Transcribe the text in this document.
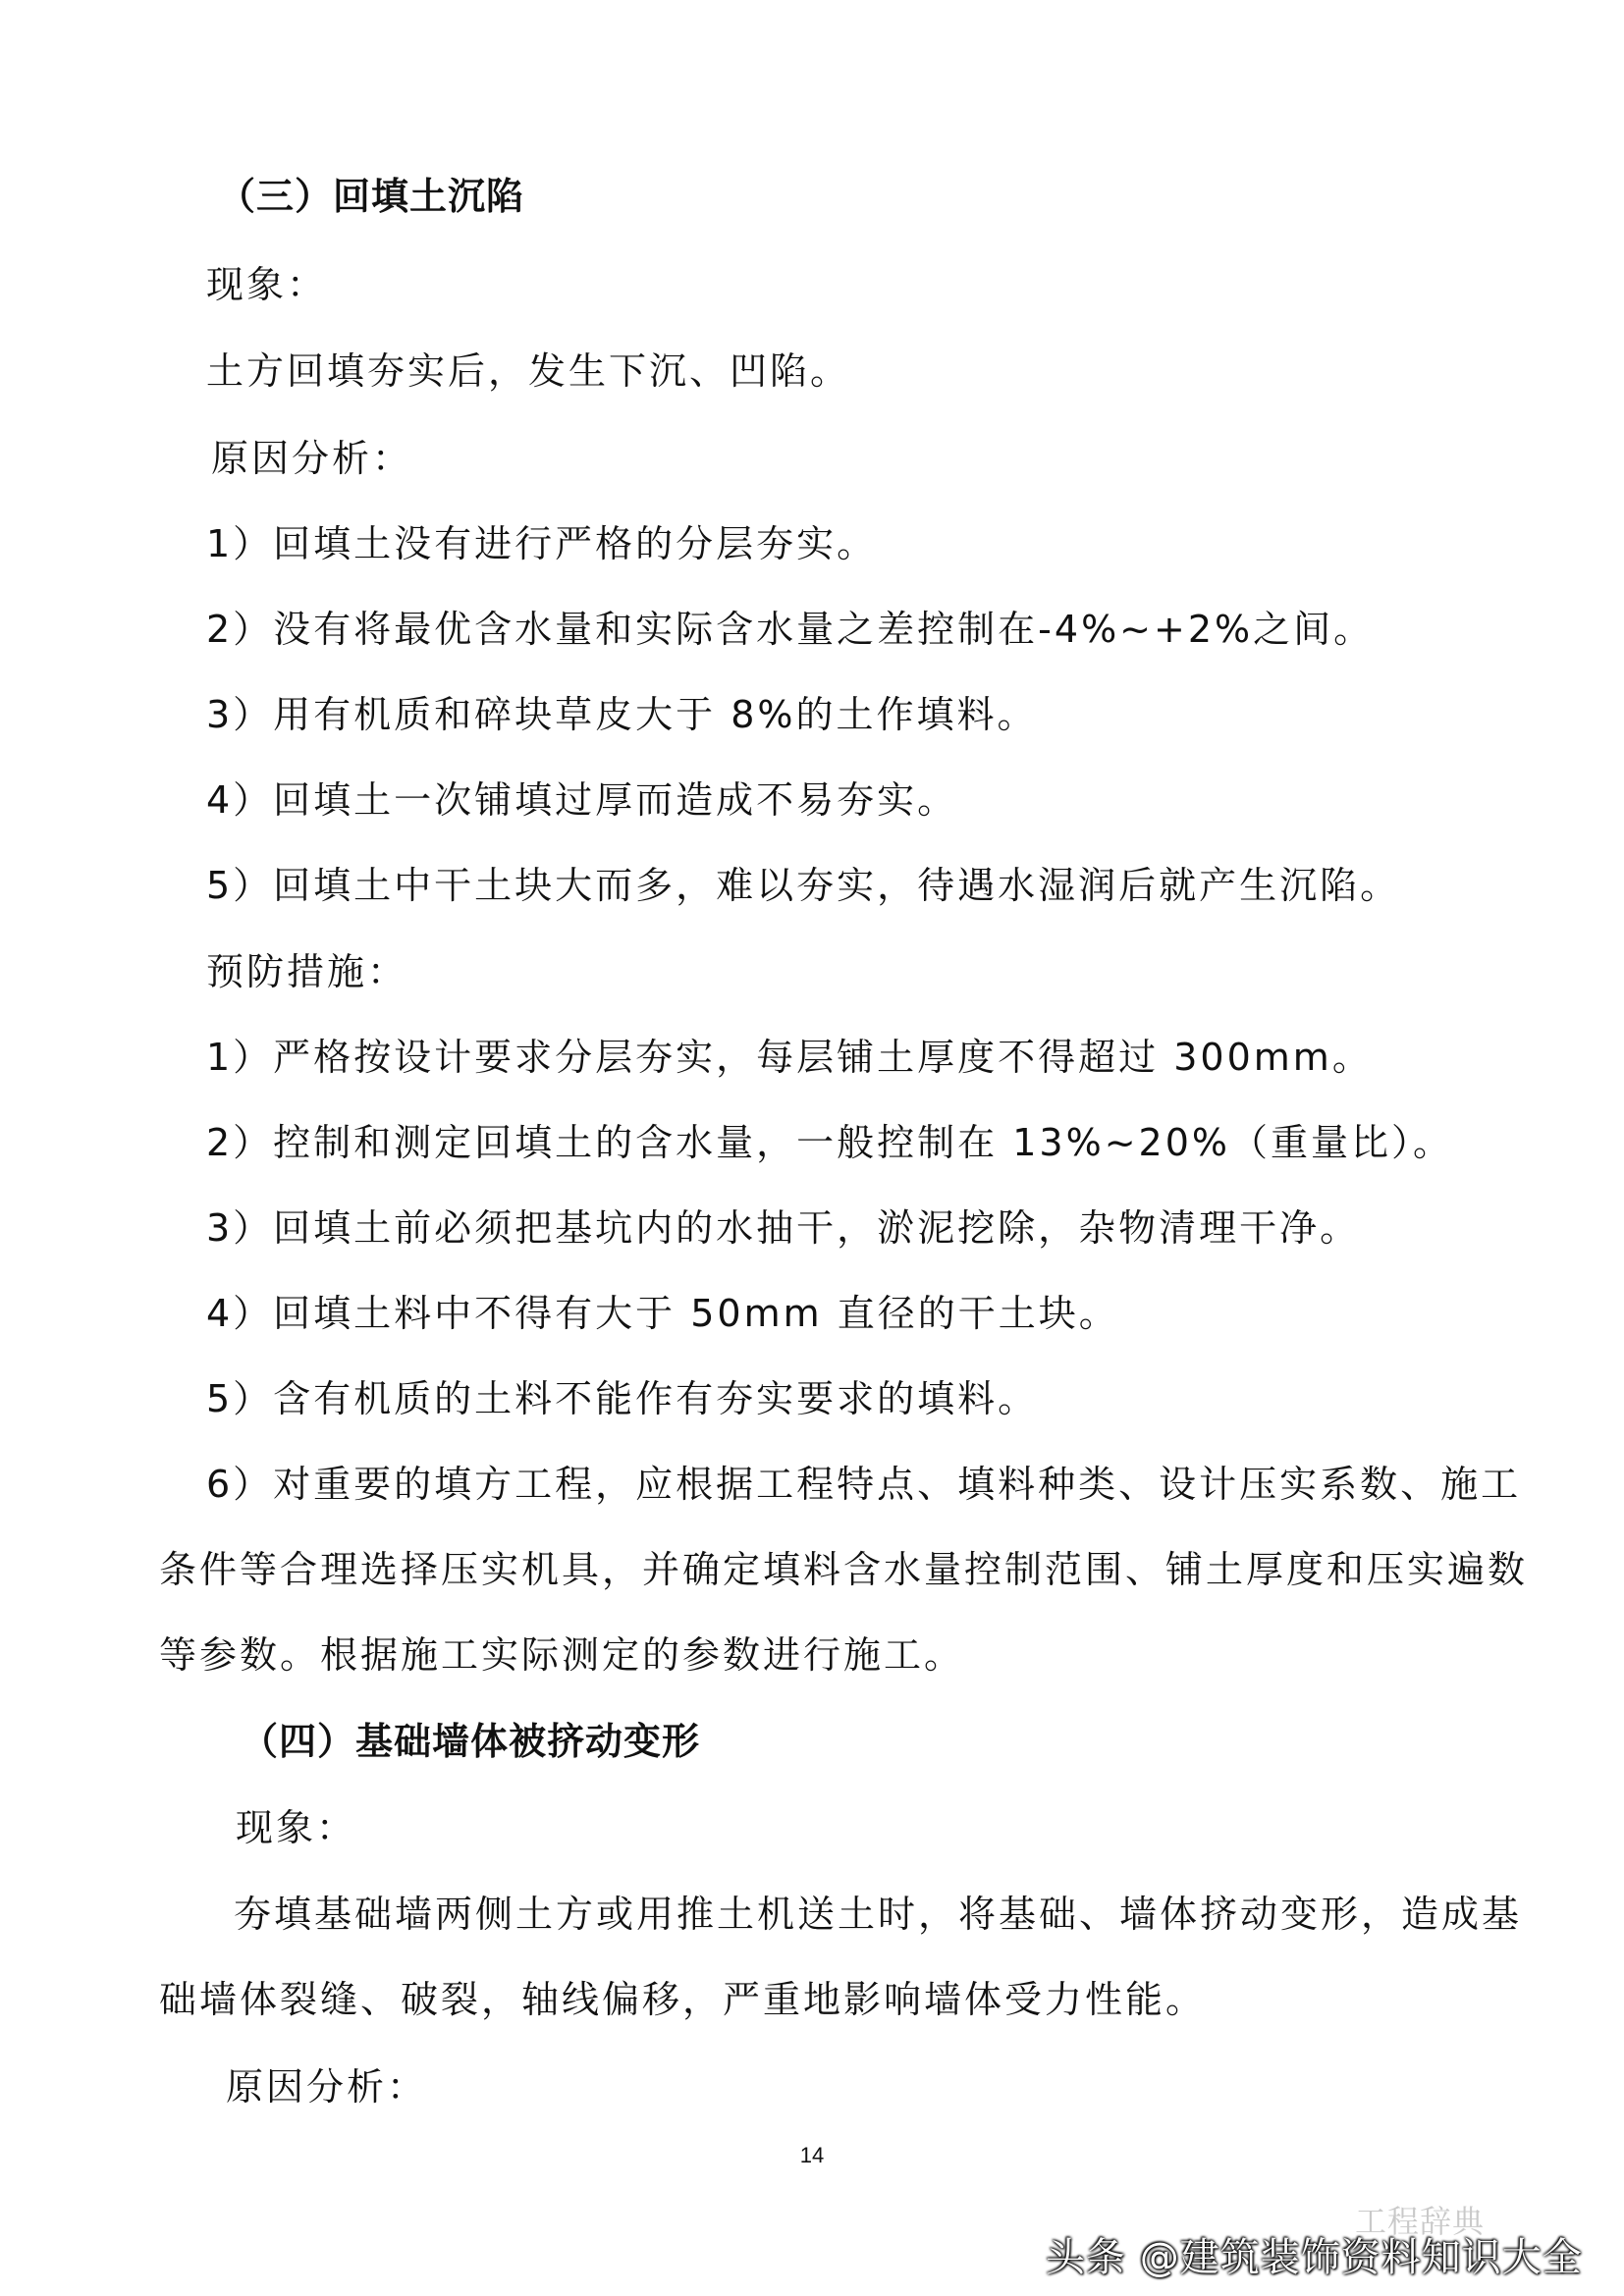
（三）回填土沉陷
现象：
土方回填夯实后，发生下沉、凹陷。
原因分析：
1）回填土没有进行严格的分层夯实。
2）没有将最优含水量和实际含水量之差控制在-4%~+2%之间。
3）用有机质和碎块草皮大于 8%的土作填料。
4）回填土一次铺填过厚而造成不易夯实。
5）回填土中干土块大而多，难以夯实，待遇水湿润后就产生沉陷。
预防措施：
1）严格按设计要求分层夯实，每层铺土厚度不得超过 300mm。
2）控制和测定回填土的含水量，一般控制在 13%~20%（重量比）。
3）回填土前必须把基坑内的水抽干，淤泥挖除，杂物清理干净。
4）回填土料中不得有大于 50mm 直径的干土块。
5）含有机质的土料不能作有夯实要求的填料。
6）对重要的填方工程，应根据工程特点、填料种类、设计压实系数、施工
条件等合理选择压实机具，并确定填料含水量控制范围、铺土厚度和压实遍数
等参数。根据施工实际测定的参数进行施工。
（四）基础墙体被挤动变形
现象：
夯填基础墙两侧土方或用推土机送土时，将基础、墙体挤动变形，造成基
础墙体裂缝、破裂，轴线偏移，严重地影响墙体受力性能。
原因分析：
14
工程辞典
头条 @建筑装饰资料知识大全
